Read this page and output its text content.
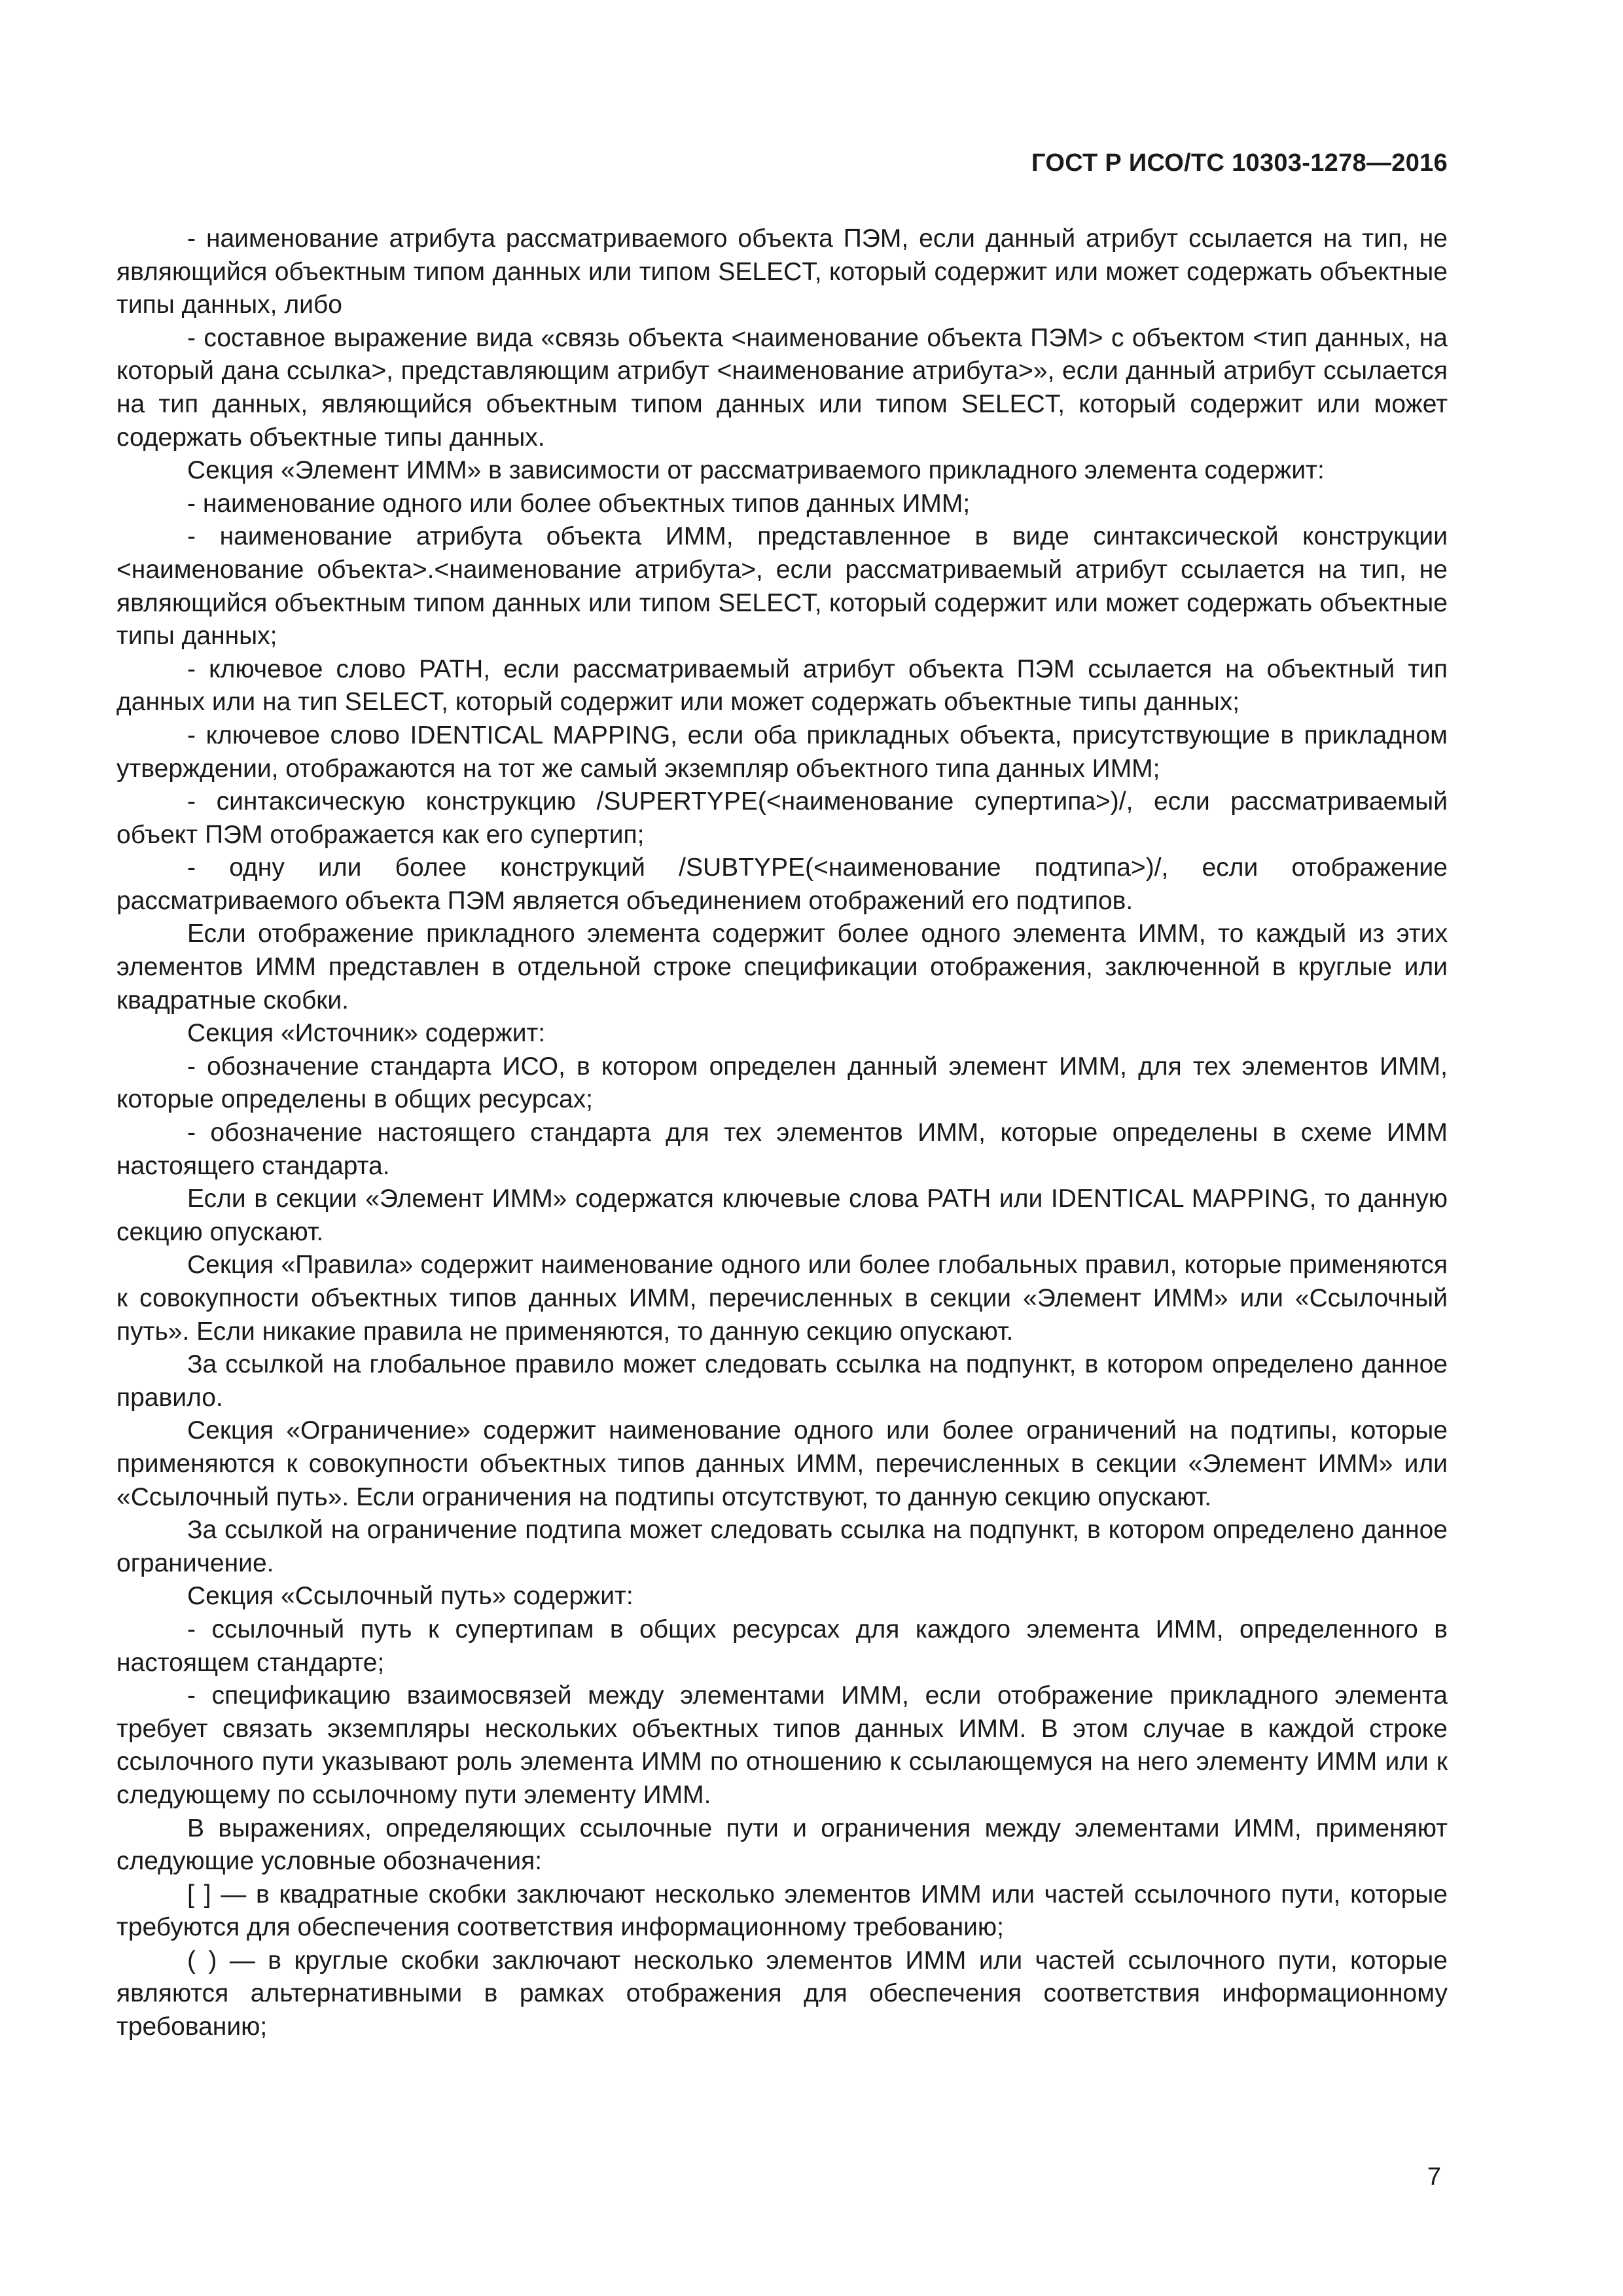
ГОСТ Р ИСО/ТС 10303-1278—2016

- наименование атрибута рассматриваемого объекта ПЭМ, если данный атрибут ссылается на тип, не являющийся объектным типом данных или типом SELECT, который содержит или может содержать объектные типы данных, либо

- составное выражение вида «связь объекта <наименование объекта ПЭМ> с объектом <тип данных, на который дана ссылка>, представляющим атрибут <наименование атрибута>», если данный атрибут ссылается на тип данных, являющийся объектным типом данных или типом SELECT, который содержит или может содержать объектные типы данных.

Секция «Элемент ИММ» в зависимости от рассматриваемого прикладного элемента содержит:

- наименование одного или более объектных типов данных ИММ;

- наименование атрибута объекта ИММ, представленное в виде синтаксической конструкции <наименование объекта>.<наименование атрибута>, если рассматриваемый атрибут ссылается на тип, не являющийся объектным типом данных или типом SELECT, который содержит или может содержать объектные типы данных;

- ключевое слово PATH, если рассматриваемый атрибут объекта ПЭМ ссылается на объектный тип данных или на тип SELECT, который содержит или может содержать объектные типы данных;

- ключевое слово IDENTICAL MAPPING, если оба прикладных объекта, присутствующие в прикладном утверждении, отображаются на тот же самый экземпляр объектного типа данных ИММ;

- синтаксическую конструкцию /SUPERTYPE(<наименование супертипа>)/, если рассматриваемый объект ПЭМ отображается как его супертип;

- одну или более конструкций /SUBTYPE(<наименование подтипа>)/, если отображение рассматриваемого объекта ПЭМ является объединением отображений его подтипов.

Если отображение прикладного элемента содержит более одного элемента ИММ, то каждый из этих элементов ИММ представлен в отдельной строке спецификации отображения, заключенной в круглые или квадратные скобки.

Секция «Источник» содержит:

- обозначение стандарта ИСО, в котором определен данный элемент ИММ, для тех элементов ИММ, которые определены в общих ресурсах;

- обозначение настоящего стандарта для тех элементов ИММ, которые определены в схеме ИММ настоящего стандарта.

Если в секции «Элемент ИММ» содержатся ключевые слова PATH или IDENTICAL MAPPING, то данную секцию опускают.

Секция «Правила» содержит наименование одного или более глобальных правил, которые применяются к совокупности объектных типов данных ИММ, перечисленных в секции «Элемент ИММ» или «Ссылочный путь». Если никакие правила не применяются, то данную секцию опускают.

За ссылкой на глобальное правило может следовать ссылка на подпункт, в котором определено данное правило.

Секция «Ограничение» содержит наименование одного или более ограничений на подтипы, которые применяются к совокупности объектных типов данных ИММ, перечисленных в секции «Элемент ИММ» или «Ссылочный путь». Если ограничения на подтипы отсутствуют, то данную секцию опускают.

За ссылкой на ограничение подтипа может следовать ссылка на подпункт, в котором определено данное ограничение.

Секция «Ссылочный путь» содержит:

- ссылочный путь к супертипам в общих ресурсах для каждого элемента ИММ, определенного в настоящем стандарте;

- спецификацию взаимосвязей между элементами ИММ, если отображение прикладного элемента требует связать экземпляры нескольких объектных типов данных ИММ. В этом случае в каждой строке ссылочного пути указывают роль элемента ИММ по отношению к ссылающемуся на него элементу ИММ или к следующему по ссылочному пути элементу ИММ.

В выражениях, определяющих ссылочные пути и ограничения между элементами ИММ, применяют следующие условные обозначения:

[ ] — в квадратные скобки заключают несколько элементов ИММ или частей ссылочного пути, которые требуются для обеспечения соответствия информационному требованию;

( ) — в круглые скобки заключают несколько элементов ИММ или частей ссылочного пути, которые являются альтернативными в рамках отображения для обеспечения соответствия информационному требованию;

7
